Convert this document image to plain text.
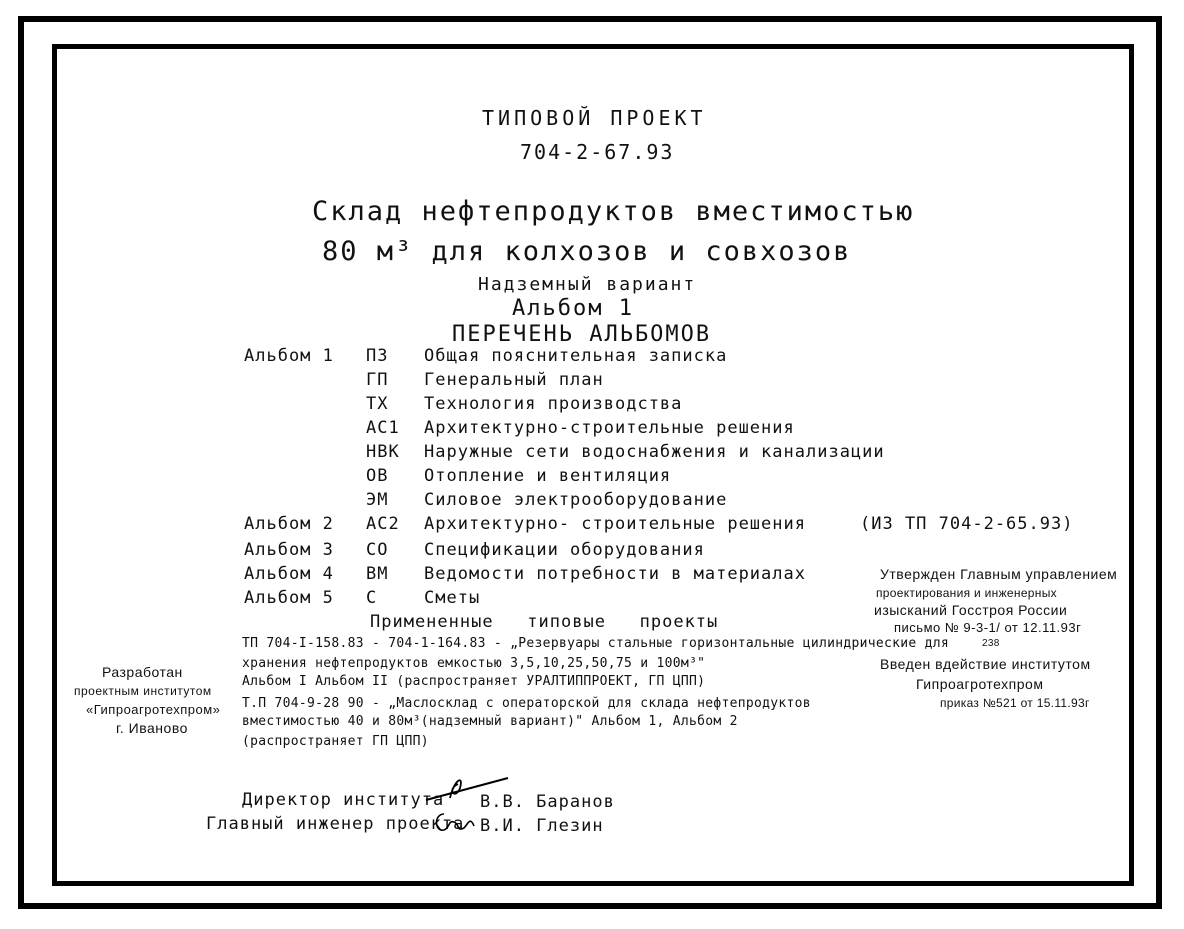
ТИПОВОЙ ПРОЕКТ
704-2-67.93
Склад нефтепродуктов вместимостью
80 м³ для колхозов и совхозов
Надземный вариант
Альбом 1
ПЕРЕЧЕНЬ АЛЬБОМОВ
Альбом 1 ПЗ Общая пояснительная записка
ГП Генеральный план
ТХ Технология производства
АС1 Архитектурно-строительные решения
НВК Наружные сети водоснабжения и канализации
ОВ Отопление и вентиляция
ЭМ Силовое электрооборудование
Альбом 2 АС2 Архитектурно- строительные решения	(ИЗ ТП 704-2-65.93)
Альбом 3 СО Спецификации оборудования
Альбом 4 ВМ Ведомости потребности в материалах
Альбом 5 С	Сметы
Примененные   типовые   проекты
ТП 704-I-158.83 - 704-1-164.83 - „Резервуары стальные горизонтальные цилиндрические для
хранения нефтепродуктов емкостью 3,5,10,25,50,75 и 100м³"
Альбом I Альбом II (распространяет УРАЛТИППРОЕКТ, ГП ЦПП)
Т.П 704-9-28 90 - „Маслосклад с операторской для склада нефтепродуктов
вместимостью 40 и 80м³(надземный вариант)" Альбом 1, Альбом 2
(распространяет ГП ЦПП)
Разработан
проектным институтом
«Гипроагротехпром»
г. Иваново
Утвержден Главным управлением
проектирования и инженерных
изысканий Госстроя России
письмо № 9-3-1/ от 12.11.93г
238
Введен вдействие институтом
Гипроагротехпром
приказ №521 от 15.11.93г
Директор института В.В. Баранов
Главный инженер проекта В.И. Глезин
